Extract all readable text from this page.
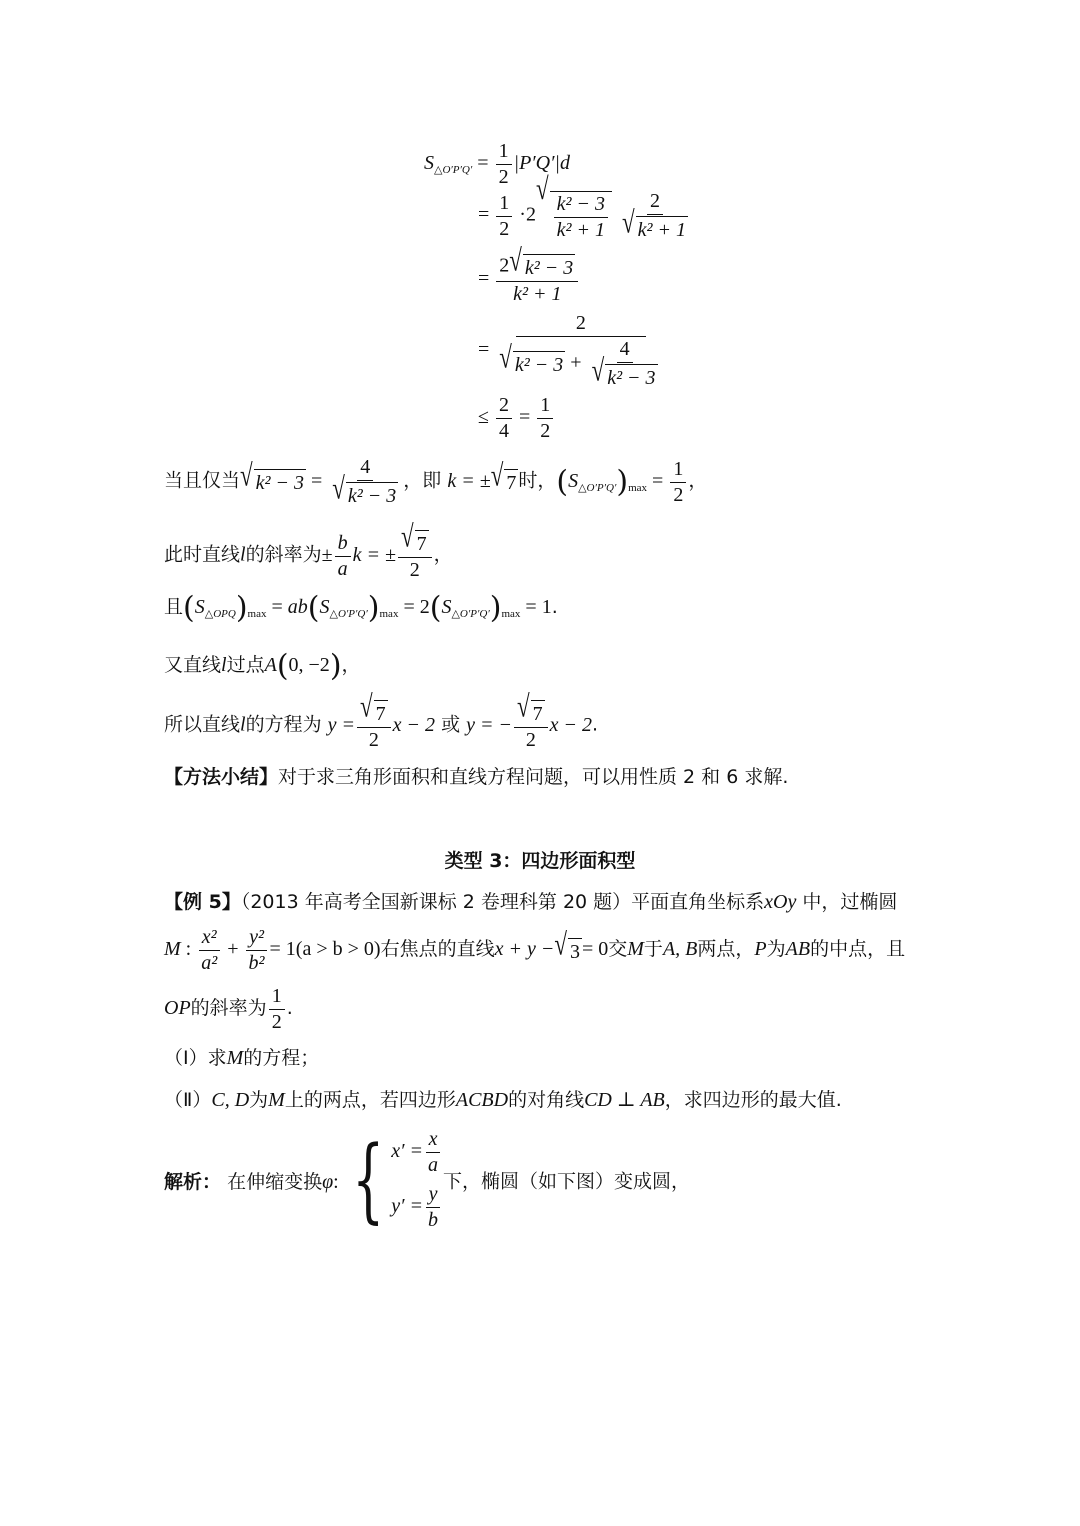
$S_{\triangle O'P'Q'} = \frac{1}{2} |P'Q'|d$
= $\frac{1}{2} \cdot 2$
√
$\frac{\text{k² − 3}}{\text{k² + 1}}$
$\frac{2}{\text{√ k² + 1}}$
= $\frac{\text{2 √ k² − 3}}{\text{k² + 1}}$
= $\frac{2}{√ k^2 - 3 + \frac{4}{\text{√ k² − 3}}}$
≤ $\frac{2}{4} = \frac{1}{2}$
当且仅当 √ $k^2 - 3 = \frac{4}{\text{√ k² − 3}}$ ，即 k = ± √ 7 时，$(S_{\triangle O'P'Q'})_{max} = \frac{1}{2}$ ，
此时直线l的斜率为± $\frac{b}{a}$ k = ± $\frac{√ 7}{2}$ ，
且$(S_{\triangle OPQ})_{max} = ab(S_{\triangle O'P'Q'})_{max} = 2(S_{\triangle O'P'Q'})_{max} = 1$.
又直线l过点A(0, −2)，
所以直线l的方程为 $y = \frac{√ 7}{2}$ x − 2 或 y = − $\frac{√ 7}{2}$ x − 2.
【方法小结】对于求三角形面积和直线方程问题，可以用性质 2 和 6 求解.
类型 3：四边形面积型
【例 5】（2013 年高考全国新课标 2 卷理科第 20 题）平面直角坐标系xOy 中，过椭圆
M : $\frac{\text{x²}}{\text{a²}} + \frac{\text{y²}}{\text{b²}} = 1(a > b > 0)$右焦点的直线x + y − √ 3 = 0交M于A, B两点，P为AB的中点，且
OP的斜率为 $\frac{1}{2}$ .
（Ⅰ）求M的方程；
（Ⅱ）C, D为M上的两点，若四边形ACBD的对角线CD ⊥ AB，求四边形的最大值.
解析： 在伸缩变换φ: { $x' = \frac{x}{a}$
$y' = \frac{y}{b}$
下，椭圆（如下图）变成圆，
